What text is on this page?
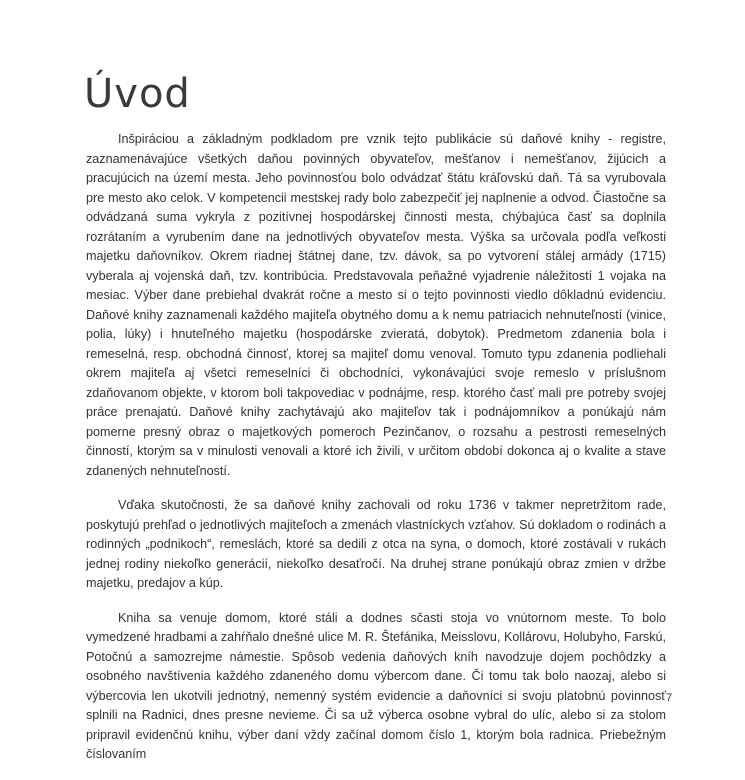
Úvod

Inšpiráciou a základným podkladom pre vznik tejto publikácie sú daňové knihy - registre, zaznamenávajúce všetkých daňou povinných obyvateľov, mešťanov i nemešťanov, žijúcich a pracujúcich na území mesta. Jeho povinnosťou bolo odvádzať štátu kráľovskú daň. Tá sa vyrubovala pre mesto ako celok. V kompetencii mestskej rady bolo zabezpečiť jej naplnenie a odvod. Čiastočne sa odvádzaná suma vykryla z pozitívnej hospodárskej činnosti mesta, chýbajúca časť sa doplnila rozrátaním a vyrubením dane na jednotlivých obyvateľov mesta. Výška sa určovala podľa veľkosti majetku daňovníkov. Okrem riadnej štátnej dane, tzv. dávok, sa po vytvorení stálej armády (1715) vyberala aj vojenská daň, tzv. kontribúcia. Predstavovala peňažné vyjadrenie náležitostí 1 vojaka na mesiac. Výber dane prebiehal dvakrát ročne a mesto si o tejto povinnosti viedlo dôkladnú evidenciu. Daňové knihy zaznamenali každého majiteľa obytného domu a k nemu patriacich nehnuteľností (vinice, polia, lúky) i hnuteľného majetku (hospodárske zvieratá, dobytok). Predmetom zdanenia bola i remeselná, resp. obchodná činnosť, ktorej sa majiteľ domu venoval. Tomuto typu zdanenia podliehali okrem majiteľa aj všetci remeselníci či obchodníci, vykonávajúci svoje remeslo v príslušnom zdaňovanom objekte, v ktorom boli takpovediac v podnájme, resp. ktorého časť mali pre potreby svojej práce prenajatú. Daňové knihy zachytávajú ako majiteľov tak i podnájomníkov a ponúkajú nám pomerne presný obraz o majetkových pomeroch Pezinčanov, o rozsahu a pestrosti remeselných činností, ktorým sa v minulosti venovali a ktoré ich živili, v určitom období dokonca aj o kvalite a stave zdanených nehnuteľností.

Vďaka skutočnosti, že sa daňové knihy zachovali od roku 1736 v takmer nepretržitom rade, poskytujú prehľad o jednotlivých majiteľoch a zmenách vlastníckych vzťahov. Sú dokladom o rodinách a rodinných „podnikoch“, remeslách, ktoré sa dedili z otca na syna, o domoch, ktoré zostávali v rukách jednej rodiny niekoľko generácií, niekoľko desaťročí. Na druhej strane ponúkajú obraz zmien v držbe majetku, predajov a kúp.

Kniha sa venuje domom, ktoré stáli a dodnes sčasti stoja vo vnútornom meste. To bolo vymedzené hradbami a zahŕňalo dnešné ulice M. R. Štefánika, Meisslovu, Kollárovu, Holubyho, Farskú, Potočnú a samozrejme námestie. Spôsob vedenia daňových kníh navodzuje dojem pochôdzky a osobného navštívenia každého zdaneného domu výbercom dane. Či tomu tak bolo naozaj, alebo si výbercovia len ukotvili jednotný, nemenný systém evidencie a daňovníci si svoju platobnú povinnosť splnili na Radnici, dnes presne nevieme. Či sa už výberca osobne vybral do ulíc, alebo si za stolom pripravil evidenčnú knihu, výber daní vždy začínal domom číslo 1, ktorým bola radnica. Priebežným číslovaním

7
